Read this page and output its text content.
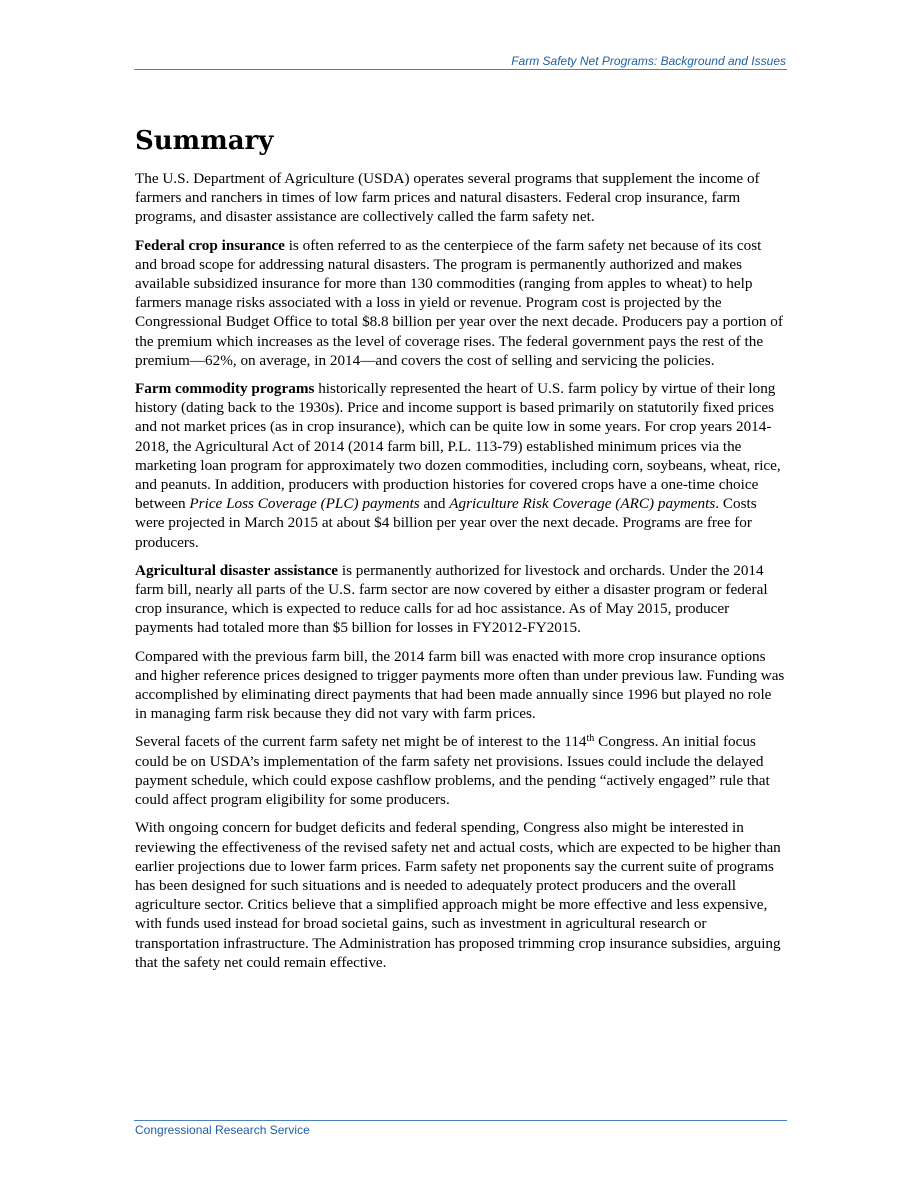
Farm Safety Net Programs: Background and Issues
Summary

The U.S. Department of Agriculture (USDA) operates several programs that supplement the income of farmers and ranchers in times of low farm prices and natural disasters. Federal crop insurance, farm programs, and disaster assistance are collectively called the farm safety net.

Federal crop insurance is often referred to as the centerpiece of the farm safety net because of its cost and broad scope for addressing natural disasters. The program is permanently authorized and makes available subsidized insurance for more than 130 commodities (ranging from apples to wheat) to help farmers manage risks associated with a loss in yield or revenue. Program cost is projected by the Congressional Budget Office to total $8.8 billion per year over the next decade. Producers pay a portion of the premium which increases as the level of coverage rises. The federal government pays the rest of the premium—62%, on average, in 2014—and covers the cost of selling and servicing the policies.

Farm commodity programs historically represented the heart of U.S. farm policy by virtue of their long history (dating back to the 1930s). Price and income support is based primarily on statutorily fixed prices and not market prices (as in crop insurance), which can be quite low in some years. For crop years 2014-2018, the Agricultural Act of 2014 (2014 farm bill, P.L. 113-79) established minimum prices via the marketing loan program for approximately two dozen commodities, including corn, soybeans, wheat, rice, and peanuts. In addition, producers with production histories for covered crops have a one-time choice between Price Loss Coverage (PLC) payments and Agriculture Risk Coverage (ARC) payments. Costs were projected in March 2015 at about $4 billion per year over the next decade. Programs are free for producers.

Agricultural disaster assistance is permanently authorized for livestock and orchards. Under the 2014 farm bill, nearly all parts of the U.S. farm sector are now covered by either a disaster program or federal crop insurance, which is expected to reduce calls for ad hoc assistance. As of May 2015, producer payments had totaled more than $5 billion for losses in FY2012-FY2015.

Compared with the previous farm bill, the 2014 farm bill was enacted with more crop insurance options and higher reference prices designed to trigger payments more often than under previous law. Funding was accomplished by eliminating direct payments that had been made annually since 1996 but played no role in managing farm risk because they did not vary with farm prices.

Several facets of the current farm safety net might be of interest to the 114th Congress. An initial focus could be on USDA’s implementation of the farm safety net provisions. Issues could include the delayed payment schedule, which could expose cashflow problems, and the pending “actively engaged” rule that could affect program eligibility for some producers.

With ongoing concern for budget deficits and federal spending, Congress also might be interested in reviewing the effectiveness of the revised safety net and actual costs, which are expected to be higher than earlier projections due to lower farm prices. Farm safety net proponents say the current suite of programs has been designed for such situations and is needed to adequately protect producers and the overall agriculture sector. Critics believe that a simplified approach might be more effective and less expensive, with funds used instead for broad societal gains, such as investment in agricultural research or transportation infrastructure. The Administration has proposed trimming crop insurance subsidies, arguing that the safety net could remain effective.

Congressional Research Service
